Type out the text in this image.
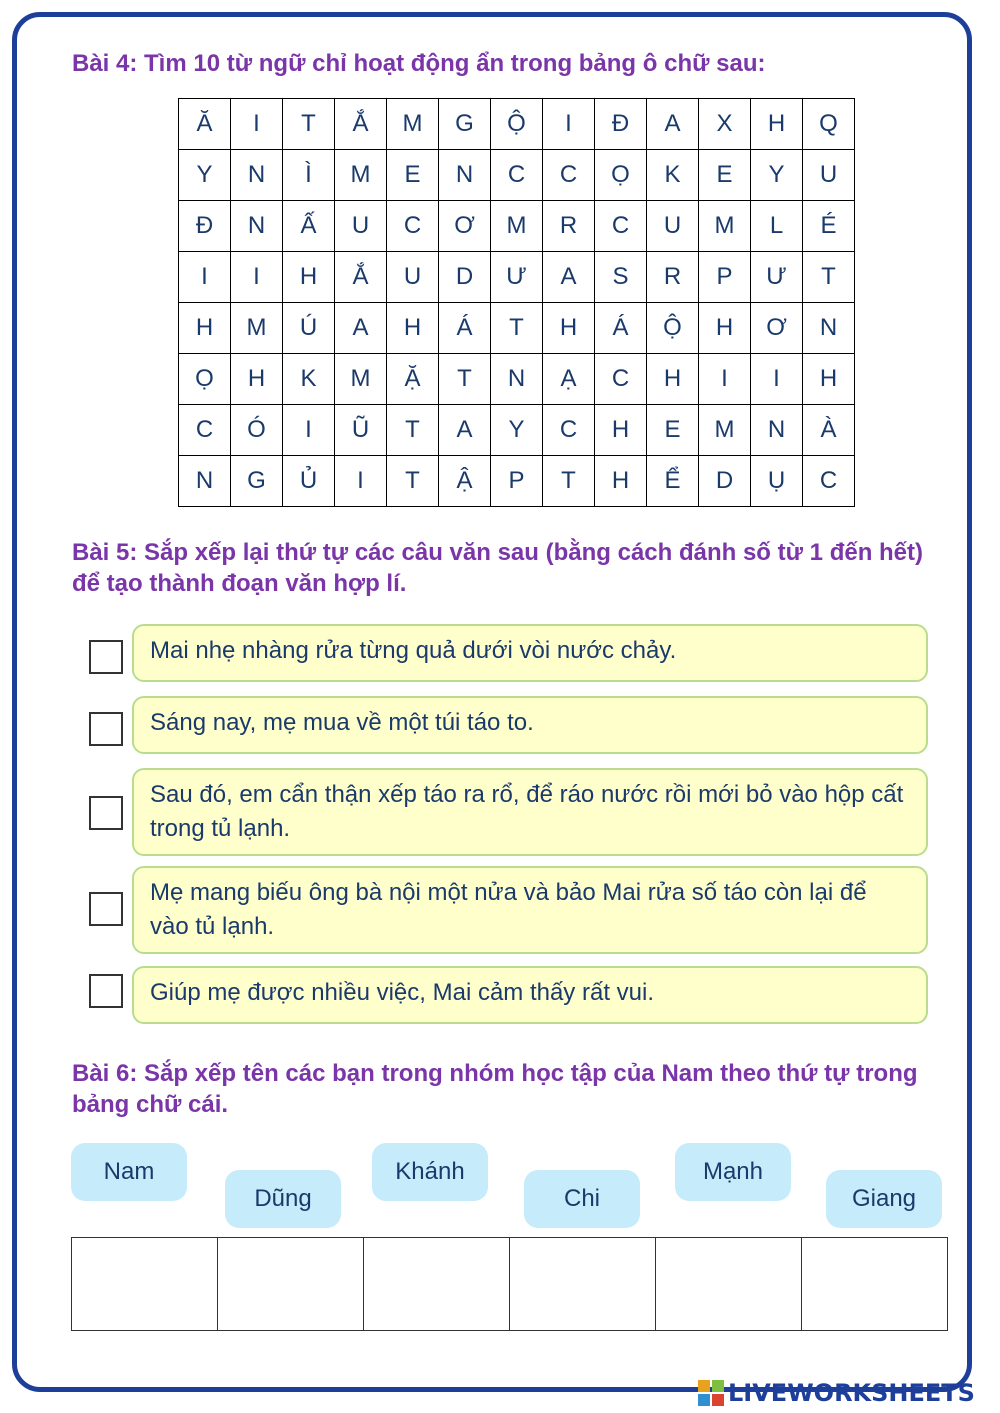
Bài 4: Tìm 10 từ ngữ chỉ hoạt động ẩn trong bảng ô chữ sau:

Ă	I	T	Ắ	M	G	Ộ	I	Đ	A	X	H	Q
Y	N	Ì	M	E	N	C	C	Ọ	K	E	Y	U
Đ	N	Ấ	U	C	Ơ	M	R	C	U	M	L	É
I	I	H	Ắ	U	D	Ư	A	S	R	P	Ư	T
H	M	Ú	A	H	Á	T	H	Á	Ộ	H	Ơ	N
Ọ	H	K	M	Ặ	T	N	Ạ	C	H	I	I	H
C	Ó	I	Ũ	T	A	Y	C	H	E	M	N	À
N	G	Ủ	I	T	Ậ	P	T	H	Ể	D	Ụ	C

Bài 5: Sắp xếp lại thứ tự các câu văn sau (bằng cách đánh số từ 1 đến hết) để tạo thành đoạn văn hợp lí.

Mai nhẹ nhàng rửa từng quả dưới vòi nước chảy.
Sáng nay, mẹ mua về một túi táo to.
Sau đó, em cẩn thận xếp táo ra rổ, để ráo nước rồi mới bỏ vào hộp cất trong tủ lạnh.
Mẹ mang biếu ông bà nội một nửa và bảo Mai rửa số táo còn lại để vào tủ lạnh.
Giúp mẹ được nhiều việc, Mai cảm thấy rất vui.

Bài 6: Sắp xếp tên các bạn trong nhóm học tập của Nam theo thứ tự trong bảng chữ cái.

Nam
Dũng
Khánh
Chi
Mạnh
Giang

LIVEWORKSHEETS
